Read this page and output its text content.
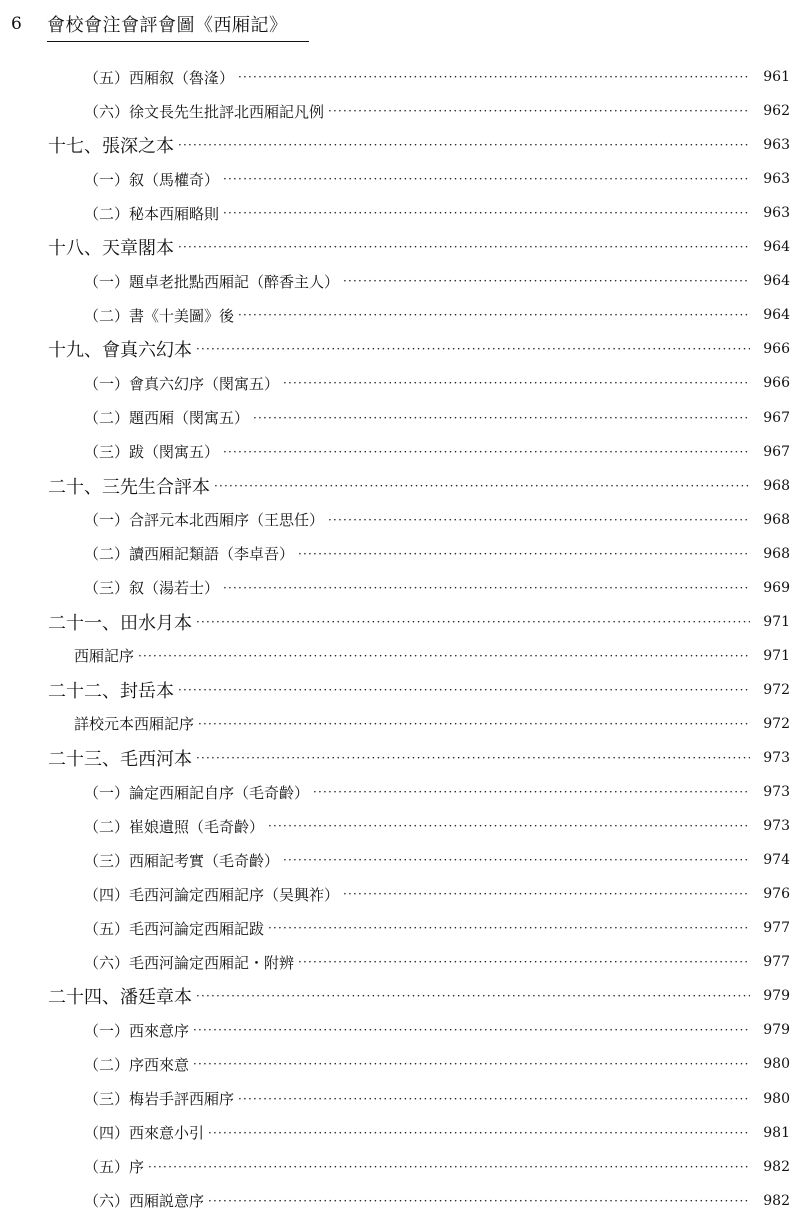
6 會校會注會評會圖《西厢記》
（五）西厢叙（魯湰） ·····	961
（六）徐文長先生批評北西厢記凡例 ·····	962
十七、張深之本 ·····	963
（一）叙（馬權奇） ·····	963
（二）秘本西厢略則 ·····	963
十八、天章閣本 ·····	964
（一）題卓老批點西厢記（醉香主人） ·····	964
（二）書《十美圖》後 ·····	964
十九、會真六幻本 ·····	966
（一）會真六幻序（閔寓五） ·····	966
（二）題西厢（閔寓五） ·····	967
（三）跋（閔寓五） ·····	967
二十、三先生合評本 ·····	968
（一）合評元本北西厢序（王思任） ·····	968
（二）讀西厢記類語（李卓吾） ·····	968
（三）叙（湯若士） ·····	969
二十一、田水月本 ·····	971
西厢記序 ·····	971
二十二、封岳本 ·····	972
詳校元本西厢記序 ·····	972
二十三、毛西河本 ·····	973
（一）論定西厢記自序（毛奇齡） ·····	973
（二）崔娘遺照（毛奇齡） ·····	973
（三）西厢記考實（毛奇齡） ·····	974
（四）毛西河論定西厢記序（吴興祚） ·····	976
（五）毛西河論定西厢記跋 ·····	977
（六）毛西河論定西厢記・附辨 ·····	977
二十四、潘廷章本 ·····	979
（一）西來意序 ·····	979
（二）序西來意 ·····	980
（三）梅岩手評西厢序 ·····	980
（四）西來意小引 ·····	981
（五）序 ·····	982
（六）西厢説意序 ·····	982
